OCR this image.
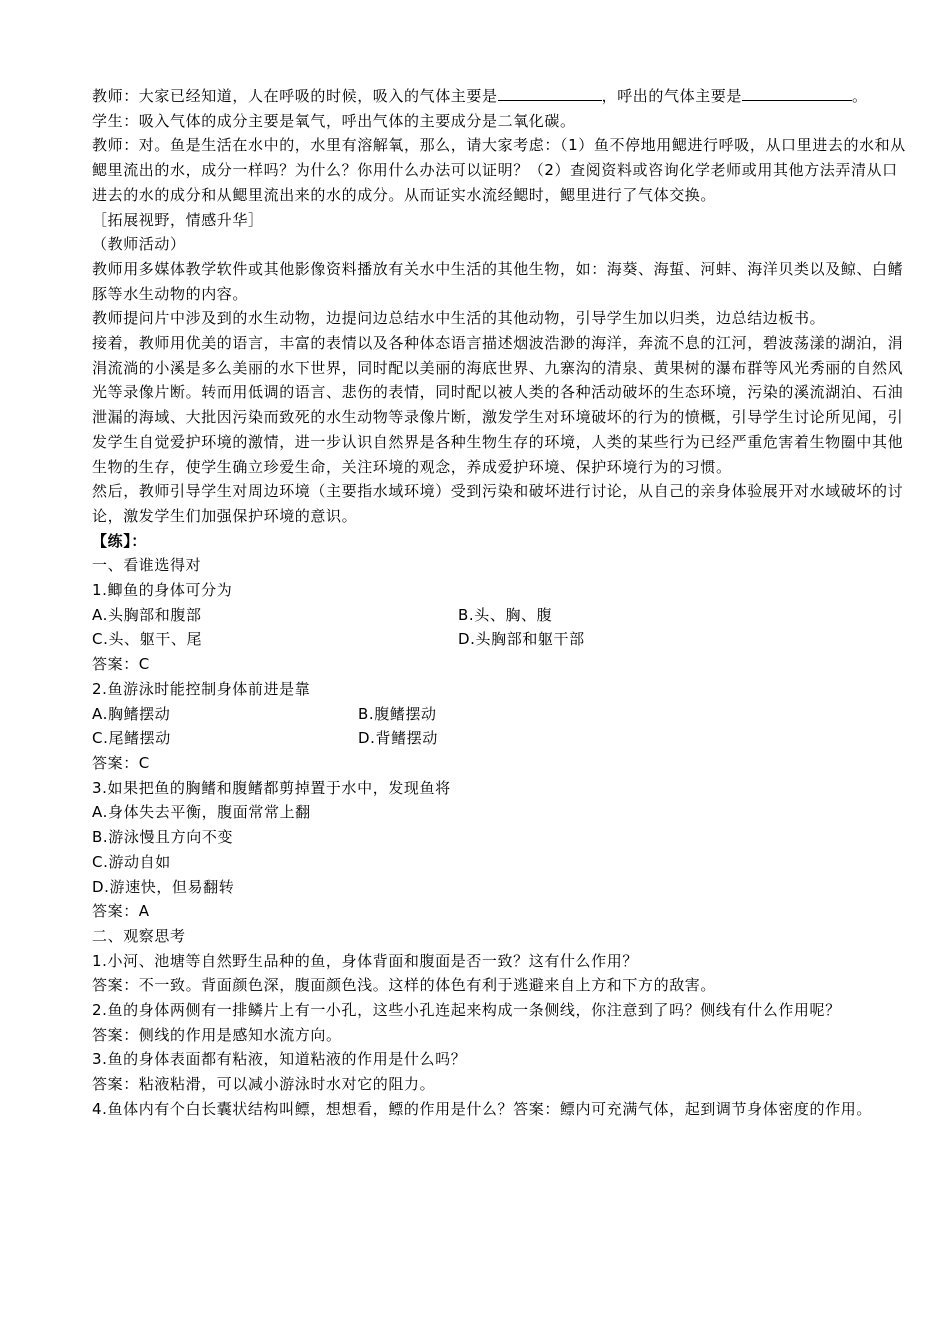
教师：大家已经知道，人在呼吸的时候，吸入的气体主要是	，呼出的气体主要是	。

学生：吸入气体的成分主要是氧气，呼出气体的主要成分是二氧化碳。

教师：对。鱼是生活在水中的，水里有溶解氧，那么，请大家考虑：（1）鱼不停地用鳃进行呼吸，从口里进去的水和从鳃里流出的水，成分一样吗？为什么？你用什么办法可以证明？（2）查阅资料或咨询化学老师或用其他方法弄清从口进去的水的成分和从鳃里流出来的水的成分。从而证实水流经鳃时，鳃里进行了气体交换。

［拓展视野，情感升华］

（教师活动）

教师用多媒体教学软件或其他影像资料播放有关水中生活的其他生物，如：海葵、海蜇、河蚌、海洋贝类以及鲸、白鳍豚等水生动物的内容。

教师提问片中涉及到的水生动物，边提问边总结水中生活的其他动物，引导学生加以归类，边总结边板书。

接着，教师用优美的语言，丰富的表情以及各种体态语言描述烟波浩渺的海洋，奔流不息的江河，碧波荡漾的湖泊，涓涓流淌的小溪是多么美丽的水下世界，同时配以美丽的海底世界、九寨沟的清泉、黄果树的瀑布群等风光秀丽的自然风光等录像片断。转而用低调的语言、悲伤的表情，同时配以被人类的各种活动破坏的生态环境，污染的溪流湖泊、石油泄漏的海域、大批因污染而致死的水生动物等录像片断，激发学生对环境破坏的行为的愤概，引导学生讨论所见闻，引发学生自觉爱护环境的激情，进一步认识自然界是各种生物生存的环境，人类的某些行为已经严重危害着生物圈中其他生物的生存，使学生确立珍爱生命，关注环境的观念，养成爱护环境、保护环境行为的习惯。

然后，教师引导学生对周边环境（主要指水域环境）受到污染和破坏进行讨论，从自己的亲身体验展开对水域破坏的讨论，激发学生们加强保护环境的意识。

【练】：

一、看谁选得对

1.鲫鱼的身体可分为

A.头胸部和腹部	B.头、胸、腹
C.头、躯干、尾	D.头胸部和躯干部

答案：C

2.鱼游泳时能控制身体前进是靠

A.胸鳍摆动	B.腹鳍摆动
C.尾鳍摆动	D.背鳍摆动

答案：C

3.如果把鱼的胸鳍和腹鳍都剪掉置于水中，发现鱼将

A.身体失去平衡，腹面常常上翻

B.游泳慢且方向不变

C.游动自如

D.游速快，但易翻转

答案：A

二、观察思考

1.小河、池塘等自然野生品种的鱼，身体背面和腹面是否一致？这有什么作用？

答案：不一致。背面颜色深，腹面颜色浅。这样的体色有利于逃避来自上方和下方的敌害。

2.鱼的身体两侧有一排鳞片上有一小孔，这些小孔连起来构成一条侧线，你注意到了吗？侧线有什么作用呢？

答案：侧线的作用是感知水流方向。

3.鱼的身体表面都有粘液，知道粘液的作用是什么吗？

答案：粘液粘滑，可以减小游泳时水对它的阻力。

4.鱼体内有个白长囊状结构叫鳔，想想看，鳔的作用是什么？答案：鳔内可充满气体，起到调节身体密度的作用。
